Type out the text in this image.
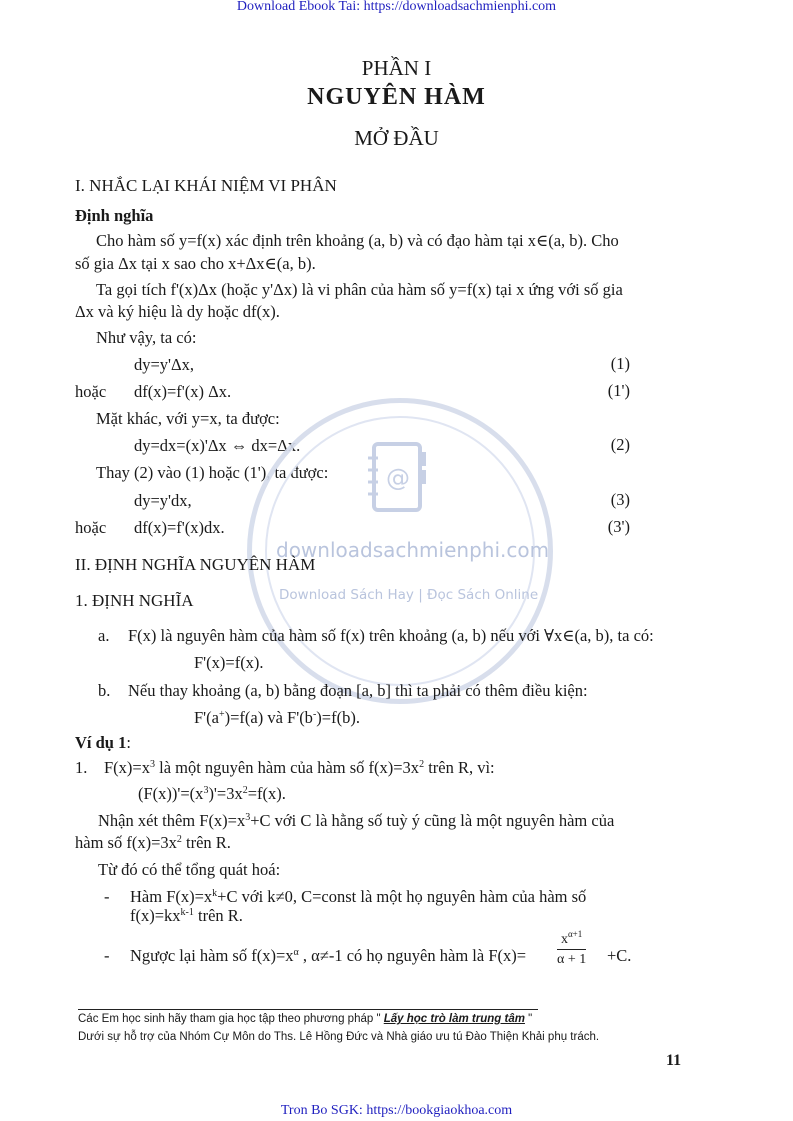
Download Ebook Tai: https://downloadsachmienphi.com
PHẦN I
NGUYÊN HÀM
MỞ ĐẦU
I. NHẮC LẠI KHÁI NIỆM VI PHÂN
Định nghĩa
Cho hàm số y=f(x) xác định trên khoảng (a, b) và có đạo hàm tại x∈(a, b). Cho
số gia Δx tại x sao cho x+Δx∈(a, b).
Ta gọi tích f'(x)Δx (hoặc y'Δx) là vi phân của hàm số y=f(x) tại x ứng với số gia
Δx và ký hiệu là dy hoặc df(x).
Như vậy, ta có:
dy=y'Δx,	(1)
hoặc df(x)=f'(x) Δx.	(1')
Mặt khác, với y=x, ta được:
dy=dx=(x)'Δx ⇔ dx=Δx.	(2)
Thay (2) vào (1) hoặc (1'), ta được:
dy=y'dx,	(3)
hoặc df(x)=f'(x)dx.	(3')
@
downloadsachmienphi.com
Download Sách Hay | Đọc Sách Online
II. ĐỊNH NGHĨA NGUYÊN HÀM
1. ĐỊNH NGHĨA
a. F(x) là nguyên hàm của hàm số f(x) trên khoảng (a, b) nếu với ∀x∈(a, b), ta có:
F'(x)=f(x).
b. Nếu thay khoảng (a, b) bằng đoạn [a, b] thì ta phải có thêm điều kiện:
F'(a+)=f(a) và F'(b-)=f(b).
Ví dụ 1:
1. $F(x)=x^3$ là một nguyên hàm của hàm số $f(x)=3x^2$ trên R, vì:
$(F(x))'=(x^3)'=3x^2=f(x)$.
Nhận xét thêm $F(x)=x^3+C$ với C là hằng số tuỳ ý cũng là một nguyên hàm của
hàm số $f(x)=3x^2$ trên R.
Từ đó có thể tổng quát hoá:
- Hàm $F(x)=x^k+C$ với k≠0, C=const là một họ nguyên hàm của hàm số
$f(x)=kx^{k-1}$ trên R.
- Ngược lại hàm số $f(x)=x^\alpha$ , α≠-1 có họ nguyên hàm là $F(x)= \frac{x^{\alpha+1}}{\alpha + 1} +C$.
Các Em học sinh hãy tham gia học tập theo phương pháp " Lấy học trò làm trung tâm "
Dưới sự hỗ trợ của Nhóm Cự Môn do Ths. Lê Hồng Đức và Nhà giáo ưu tú Đào Thiện Khải phụ trách.
11
Tron Bo SGK: https://bookgiaokhoa.com
